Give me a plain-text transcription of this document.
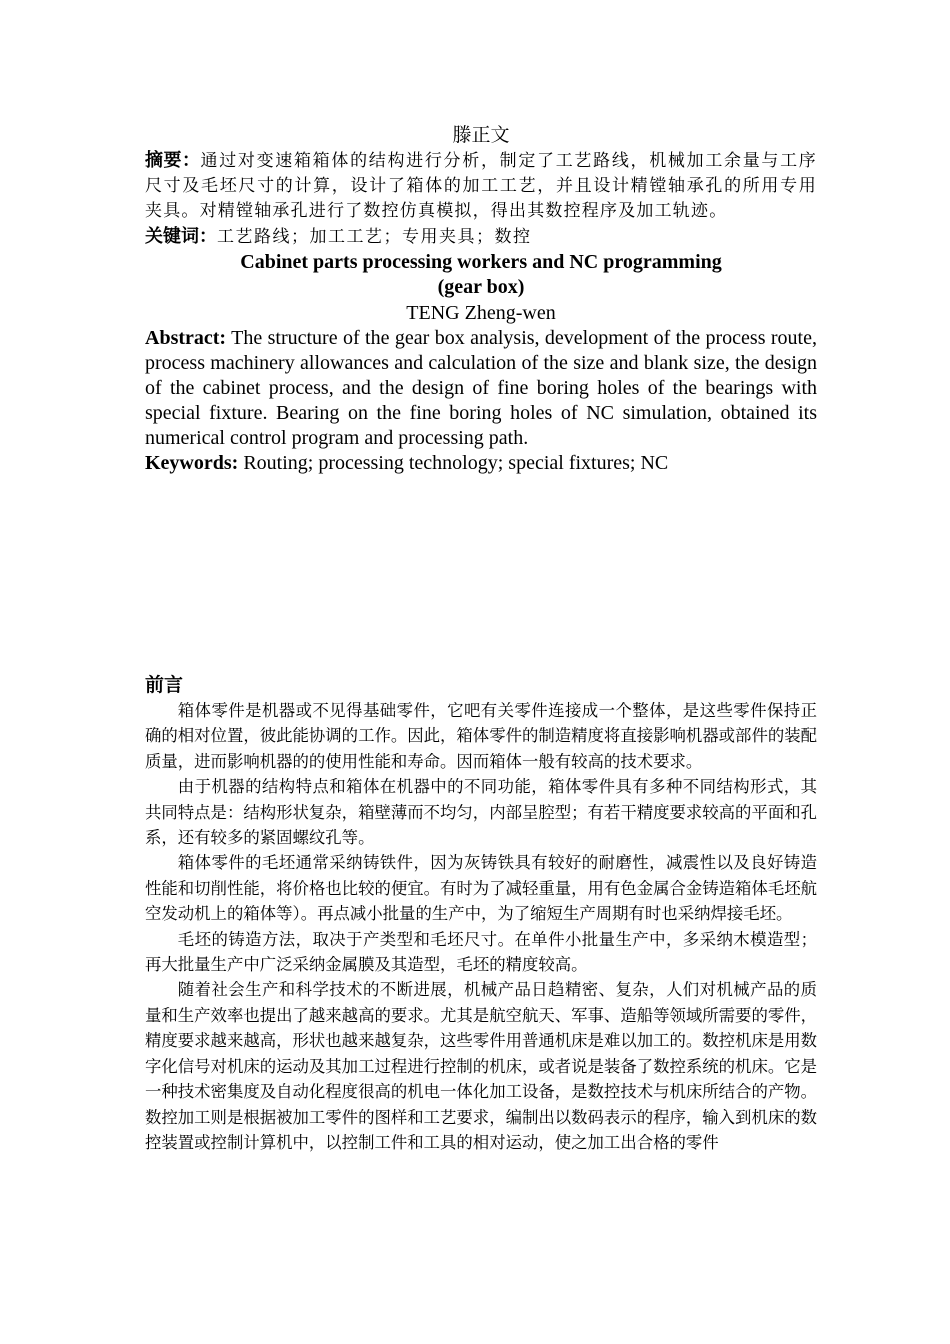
滕正文

摘要：通过对变速箱箱体的结构进行分析，制定了工艺路线，机械加工余量与工序尺寸及毛坯尺寸的计算，设计了箱体的加工工艺，并且设计精镗轴承孔的所用专用夹具。对精镗轴承孔进行了数控仿真模拟，得出其数控程序及加工轨迹。

关键词：工艺路线；加工工艺；专用夹具；数控

Cabinet parts processing workers and NC programming

(gear box)

TENG Zheng-wen

Abstract: The structure of the gear box analysis, development of the process route, process machinery allowances and calculation of the size and blank size, the design of the cabinet process, and the design of fine boring holes of the bearings with special fixture. Bearing on the fine boring holes of NC simulation, obtained its numerical control program and processing path.

Keywords: Routing; processing technology; special fixtures; NC

前言

箱体零件是机器或不见得基础零件，它吧有关零件连接成一个整体，是这些零件保持正确的相对位置，彼此能协调的工作。因此，箱体零件的制造精度将直接影响机器或部件的装配质量，进而影响机器的的使用性能和寿命。因而箱体一般有较高的技术要求。

由于机器的结构特点和箱体在机器中的不同功能，箱体零件具有多种不同结构形式，其共同特点是：结构形状复杂，箱壁薄而不均匀，内部呈腔型；有若干精度要求较高的平面和孔系，还有较多的紧固螺纹孔等。

箱体零件的毛坯通常采纳铸铁件，因为灰铸铁具有较好的耐磨性，减震性以及良好铸造性能和切削性能，将价格也比较的便宜。有时为了减轻重量，用有色金属合金铸造箱体毛坯航空发动机上的箱体等）。再点减小批量的生产中，为了缩短生产周期有时也采纳焊接毛坯。

毛坯的铸造方法，取决于产类型和毛坯尺寸。在单件小批量生产中，多采纳木模造型；再大批量生产中广泛采纳金属膜及其造型，毛坯的精度较高。

随着社会生产和科学技术的不断进展，机械产品日趋精密、复杂，人们对机械产品的质量和生产效率也提出了越来越高的要求。尤其是航空航天、军事、造船等领域所需要的零件，精度要求越来越高，形状也越来越复杂，这些零件用普通机床是难以加工的。数控机床是用数字化信号对机床的运动及其加工过程进行控制的机床，或者说是装备了数控系统的机床。它是一种技术密集度及自动化程度很高的机电一体化加工设备，是数控技术与机床所结合的产物。数控加工则是根据被加工零件的图样和工艺要求，编制出以数码表示的程序，输入到机床的数控装置或控制计算机中，以控制工件和工具的相对运动，使之加工出合格的零件
